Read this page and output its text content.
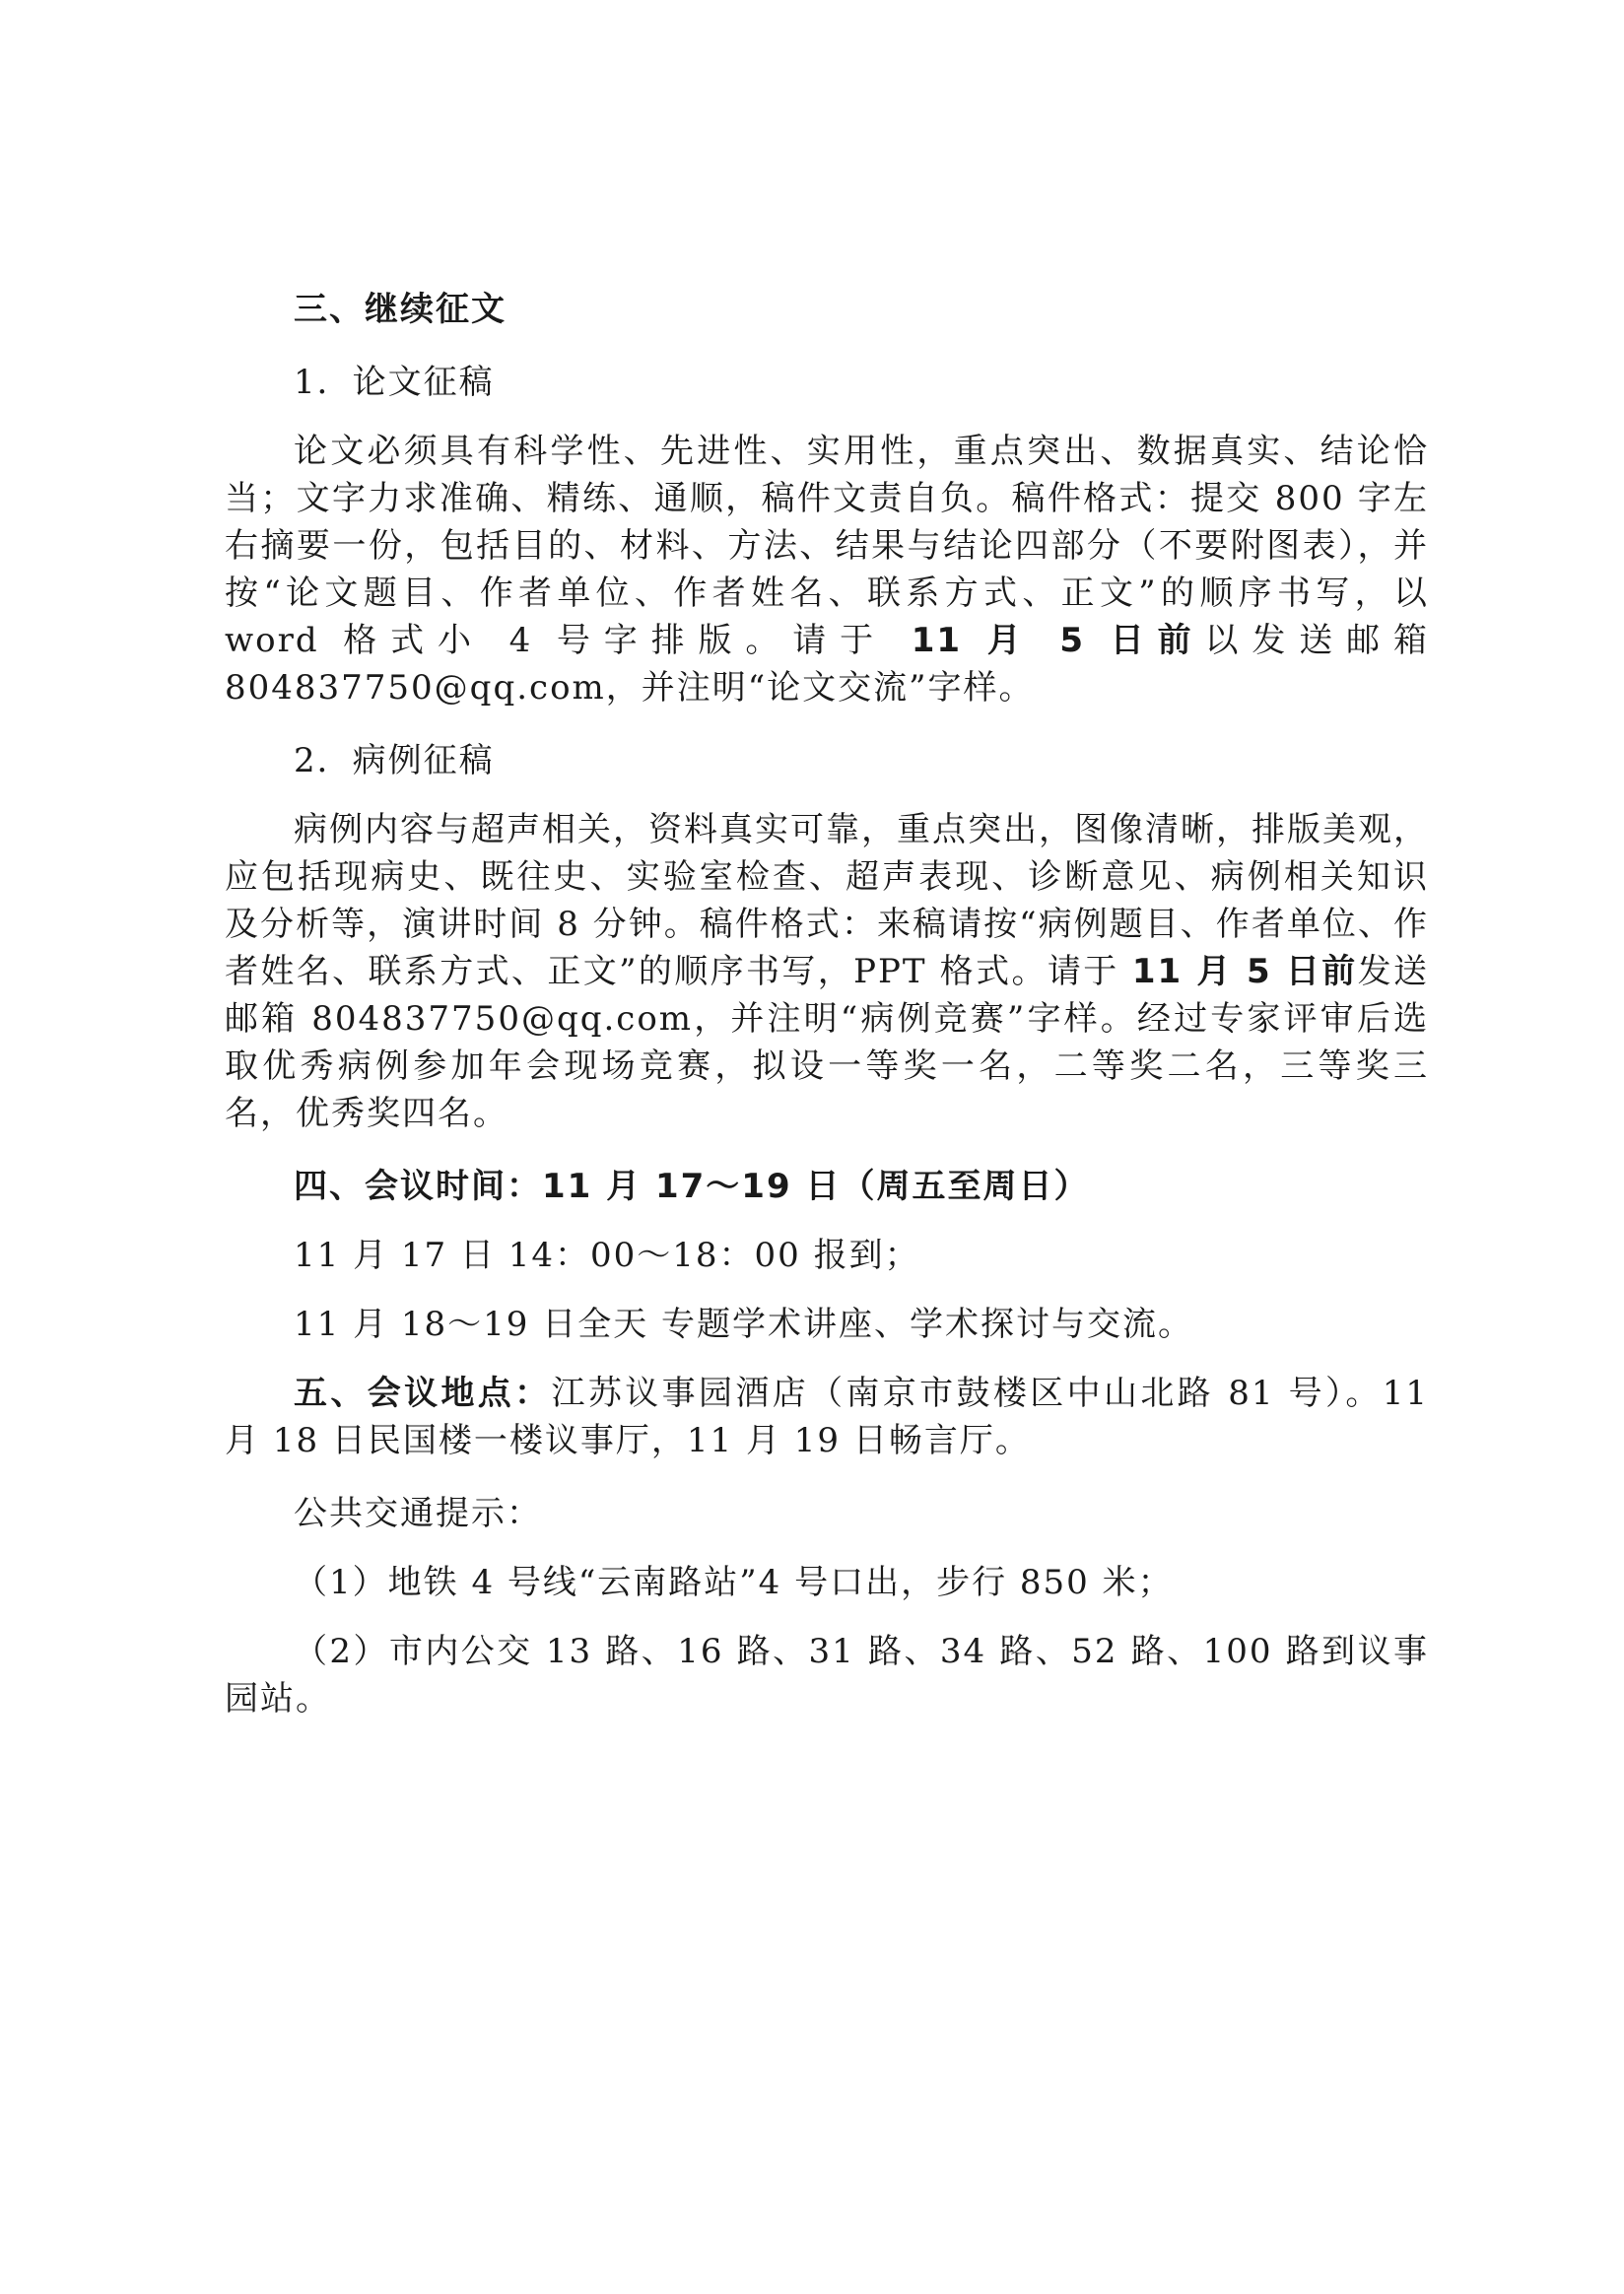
三、继续征文

1．论文征稿

论文必须具有科学性、先进性、实用性，重点突出、数据真实、结论恰当；文字力求准确、精练、通顺，稿件文责自负。稿件格式：提交 800 字左右摘要一份，包括目的、材料、方法、结果与结论四部分（不要附图表），并按“论文题目、作者单位、作者姓名、联系方式、正文”的顺序书写，以 word 格式小 4 号字排版。请于 11 月 5 日前以发送邮箱 804837750@qq.com，并注明“论文交流”字样。

2．病例征稿

病例内容与超声相关，资料真实可靠，重点突出，图像清晰，排版美观，应包括现病史、既往史、实验室检查、超声表现、诊断意见、病例相关知识及分析等，演讲时间 8 分钟。稿件格式：来稿请按“病例题目、作者单位、作者姓名、联系方式、正文”的顺序书写，PPT 格式。请于 11 月 5 日前发送邮箱 804837750@qq.com，并注明“病例竞赛”字样。经过专家评审后选取优秀病例参加年会现场竞赛，拟设一等奖一名，二等奖二名，三等奖三名，优秀奖四名。

四、会议时间：11 月 17～19 日（周五至周日）

11 月 17 日 14：00～18：00 报到；

11 月 18～19 日全天 专题学术讲座、学术探讨与交流。

五、会议地点：江苏议事园酒店（南京市鼓楼区中山北路 81 号）。11 月 18 日民国楼一楼议事厅，11 月 19 日畅言厅。

公共交通提示：

（1）地铁 4 号线“云南路站”4 号口出，步行 850 米；

（2）市内公交 13 路、16 路、31 路、34 路、52 路、100 路到议事园站。
